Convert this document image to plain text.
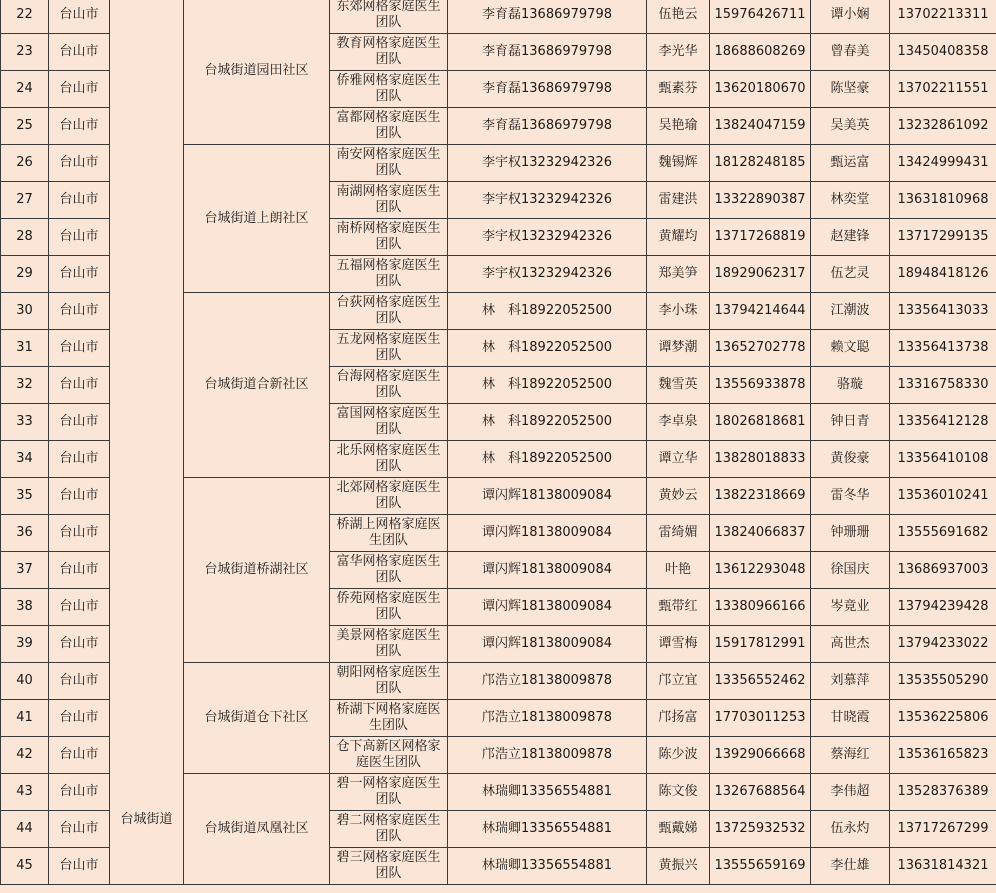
22	台山市	台城街道	台城街道园田社区	东郊网格家庭医生团队	李育磊13686979798	伍艳云	15976426711	谭小娴	13702213311
23	台山市			教育网格家庭医生团队	李育磊13686979798	李光华	18688608269	曾春美	13450408358
24	台山市			侨雅网格家庭医生团队	李育磊13686979798	甄素芬	13620180670	陈坚豪	13702211551
25	台山市			富都网格家庭医生团队	李育磊13686979798	吴艳瑜	13824047159	吴美英	13232861092
26	台山市		台城街道上朗社区	南安网格家庭医生团队	李宇权13232942326	魏锡辉	18128248185	甄运富	13424999431
27	台山市			南湖网格家庭医生团队	李宇权13232942326	雷建洪	13322890387	林奕堂	13631810968
28	台山市			南桥网格家庭医生团队	李宇权13232942326	黄耀均	13717268819	赵建锋	13717299135
29	台山市			五福网格家庭医生团队	李宇权13232942326	郑美笋	18929062317	伍艺灵	18948418126
30	台山市		台城街道合新社区	台荻网格家庭医生团队	林　科18922052500	李小珠	13794214644	江潮波	13356413033
31	台山市			五龙网格家庭医生团队	林　科18922052500	谭梦潮	13652702778	赖文聪	13356413738
32	台山市			台海网格家庭医生团队	林　科18922052500	魏雪英	13556933878	骆璇	13316758330
33	台山市			富国网格家庭医生团队	林　科18922052500	李卓泉	18026818681	钟日青	13356412128
34	台山市			北乐网格家庭医生团队	林　科18922052500	谭立华	13828018833	黄俊豪	13356410108
35	台山市		台城街道桥湖社区	北郊网格家庭医生团队	谭闪辉18138009084	黄妙云	13822318669	雷冬华	13536010241
36	台山市			桥湖上网格家庭医生团队	谭闪辉18138009084	雷绮媚	13824066837	钟珊珊	13555691682
37	台山市			富华网格家庭医生团队	谭闪辉18138009084	叶艳	13612293048	徐国庆	13686937003
38	台山市			侨苑网格家庭医生团队	谭闪辉18138009084	甄带红	13380966166	岑竟业	13794239428
39	台山市			美景网格家庭医生团队	谭闪辉18138009084	谭雪梅	15917812991	高世杰	13794233022
40	台山市		台城街道仓下社区	朝阳网格家庭医生团队	邝浩立18138009878	邝立宜	13356552462	刘慕萍	13535505290
41	台山市			桥湖下网格家庭医生团队	邝浩立18138009878	邝扬富	17703011253	甘晓霞	13536225806
42	台山市			仓下高新区网格家庭医生团队	邝浩立18138009878	陈少波	13929066668	蔡海红	13536165823
43	台山市		台城街道凤凰社区	碧一网格家庭医生团队	林瑞卿13356554881	陈文俊	13267688564	李伟超	13528376389
44	台山市			碧二网格家庭医生团队	林瑞卿13356554881	甄戴娣	13725932532	伍永灼	13717267299
45	台山市			碧三网格家庭医生团队	林瑞卿13356554881	黄振兴	13555659169	李仕雄	13631814321
